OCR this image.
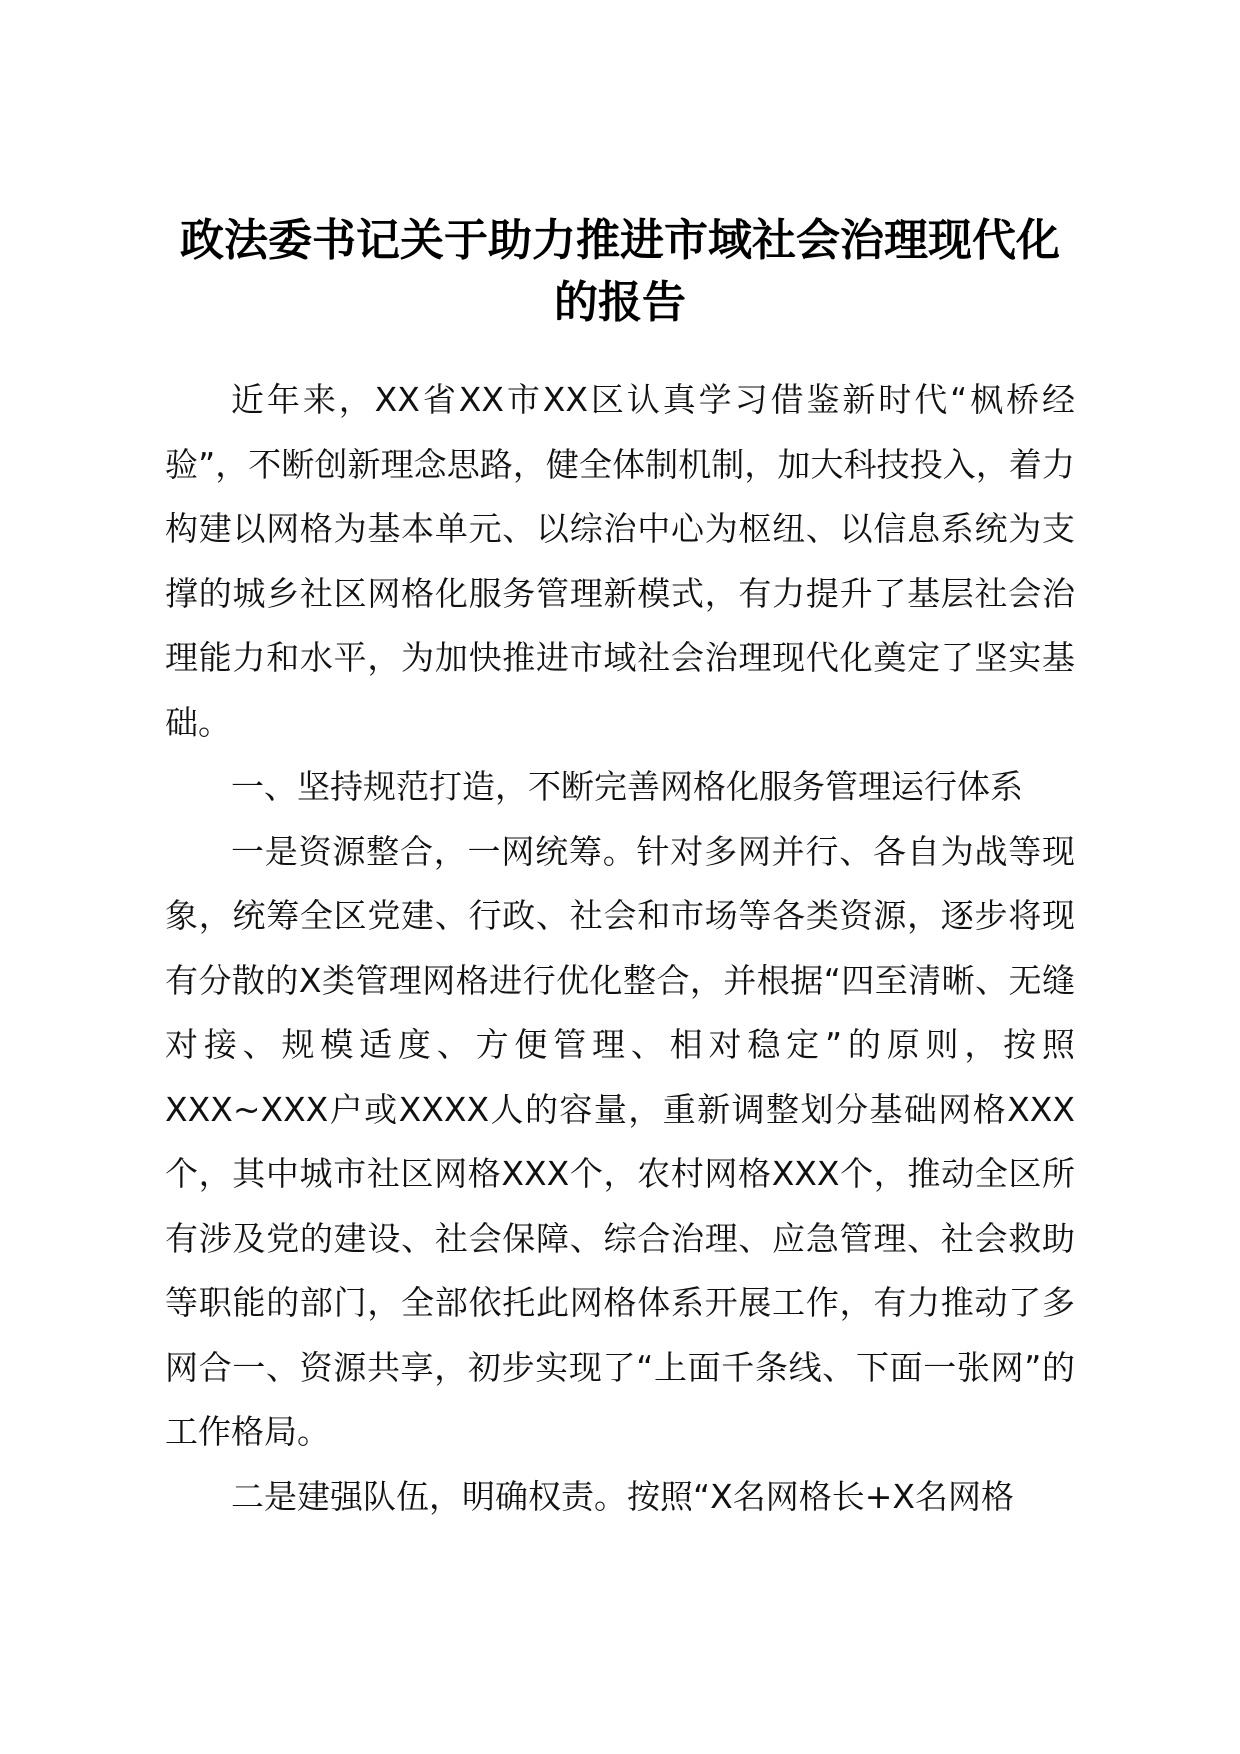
政法委书记关于助力推进市域社会治理现代化的报告

近年来，XX省XX市XX区认真学习借鉴新时代“枫桥经验”，不断创新理念思路，健全体制机制，加大科技投入，着力构建以网格为基本单元、以综治中心为枢纽、以信息系统为支撑的城乡社区网格化服务管理新模式，有力提升了基层社会治理能力和水平，为加快推进市域社会治理现代化奠定了坚实基础。

一、坚持规范打造，不断完善网格化服务管理运行体系

一是资源整合，一网统筹。针对多网并行、各自为战等现象，统筹全区党建、行政、社会和市场等各类资源，逐步将现有分散的X类管理网格进行优化整合，并根据“四至清晰、无缝对接、规模适度、方便管理、相对稳定”的原则，按照XXX~XXX户或XXXX人的容量，重新调整划分基础网格XXX个，其中城市社区网格XXX个，农村网格XXX个，推动全区所有涉及党的建设、社会保障、综合治理、应急管理、社会救助等职能的部门，全部依托此网格体系开展工作，有力推动了多网合一、资源共享，初步实现了“上面千条线、下面一张网”的工作格局。

二是建强队伍，明确权责。按照“X名网格长+X名网格
